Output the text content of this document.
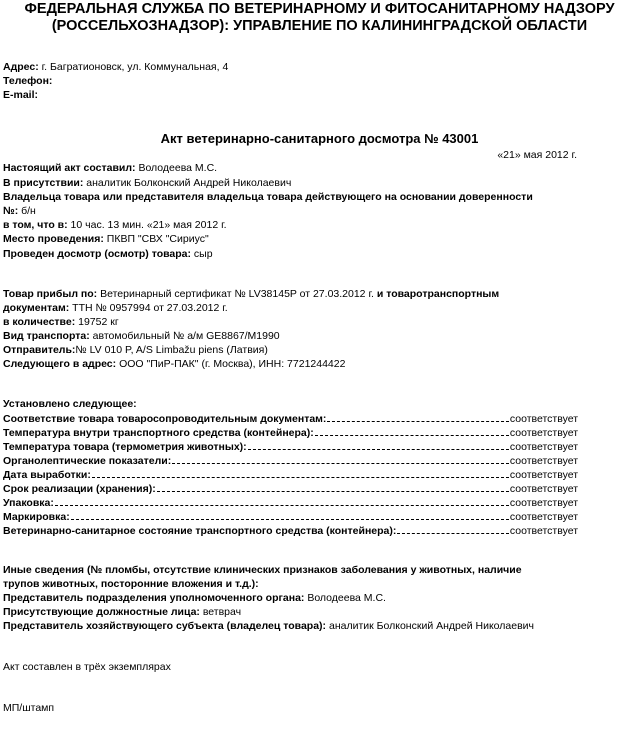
ФЕДЕРАЛЬНАЯ СЛУЖБА ПО ВЕТЕРИНАРНОМУ И ФИТОСАНИТАРНОМУ НАДЗОРУ
(РОССЕЛЬХОЗНАДЗОР): УПРАВЛЕНИЕ ПО КАЛИНИНГРАДСКОЙ ОБЛАСТИ
Адрес: г. Багратионовск, ул. Коммунальная, 4
Телефон:
E-mail:
Акт ветеринарно-санитарного досмотра № 43001
«21» мая 2012 г.
Настоящий акт составил: Володеева М.С.
В присутствии: аналитик Болконский Андрей Николаевич
Владельца товара или представителя владельца товара действующего на основании доверенности
№: б/н
в том, что в: 10 час. 13 мин. «21» мая 2012 г.
Место проведения: ПКВП "СВХ "Сириус"
Проведен досмотр (осмотр) товара: сыр
Товар прибыл по: Ветеринарный сертификат № LV38145P от 27.03.2012 г. и товаротранспортным
документам: ТТН № 0957994 от 27.03.2012 г.
в количестве: 19752 кг
Вид транспорта: автомобильный № а/м GE8867/M1990
Отправитель:№ LV 010 P, A/S Limbažu piens (Латвия)
Следующего в адрес: ООО "ПиР-ПАК" (г. Москва), ИНН: 7721244422
Установлено следующее:
Соответствие товара товаросопроводительным документам:	соответствует
Температура внутри транспортного средства (контейнера):	соответствует
Температура товара (термометрия животных):	соответствует
Органолептические показатели:	соответствует
Дата выработки:	соответствует
Срок реализации (хранения):	соответствует
Упаковка:	соответствует
Маркировка:	соответствует
Ветеринарно-санитарное состояние транспортного средства (контейнера):	соответствует
Иные сведения (№ пломбы, отсутствие клинических признаков заболевания у животных, наличие
трупов животных, посторонние вложения и т.д.):
Представитель подразделения уполномоченного органа: Володеева М.С.
Присутствующие должностные лица: ветврач
Представитель хозяйствующего субъекта (владелец товара): аналитик Болконский Андрей Николаевич
Акт составлен в трёх экземплярах
МП/штамп
